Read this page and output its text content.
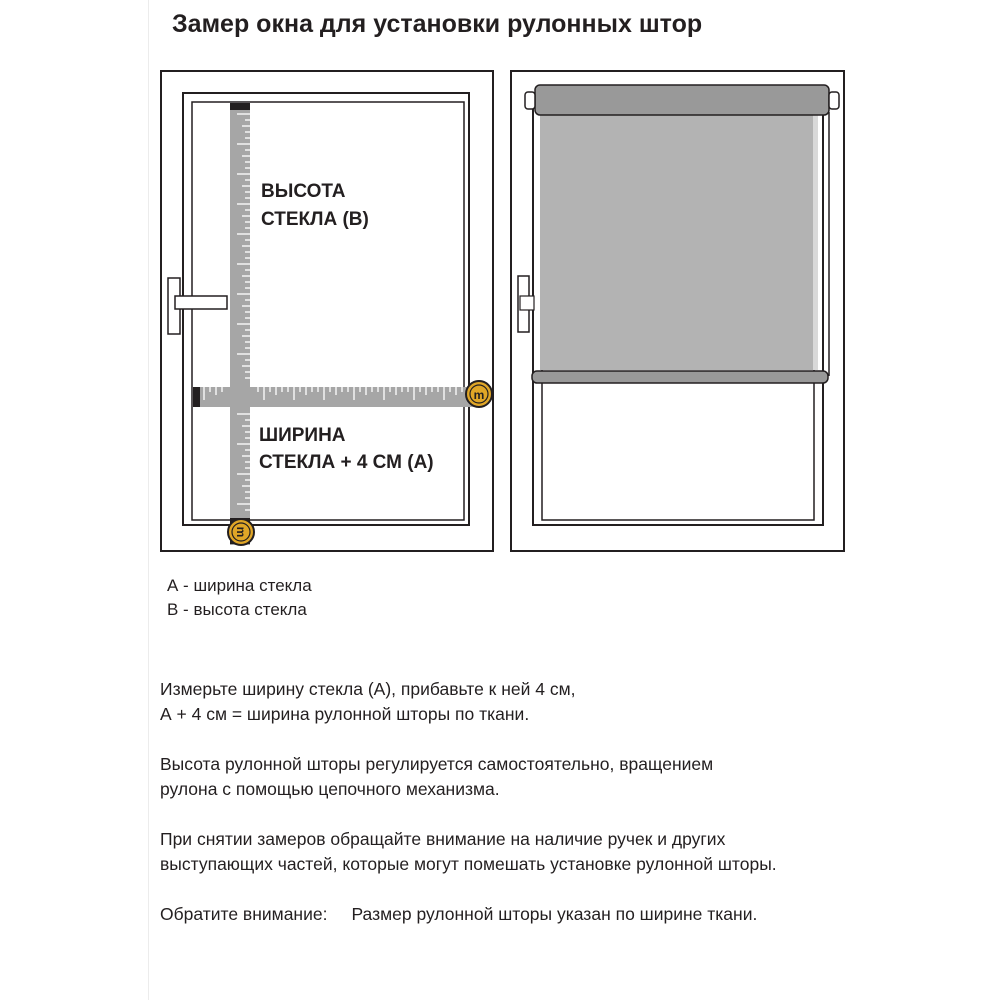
Замер окна для установки рулонных штор
m
m
ВЫСОТА
СТЕКЛА (B)
ШИРИНА
СТЕКЛА + 4 СМ (А)
А - ширина стекла
B - высота стекла
Измерьте ширину стекла (А), прибавьте к ней 4 см,
А + 4 см = ширина рулонной шторы по ткани.
Высота рулонной шторы регулируется самостоятельно, вращением
рулона с помощью цепочного механизма.
При снятии замеров обращайте внимание на наличие ручек и других
выступающих частей, которые могут помешать установке рулонной шторы.
Обратите внимание: Размер рулонной шторы указан по ширине ткани.
